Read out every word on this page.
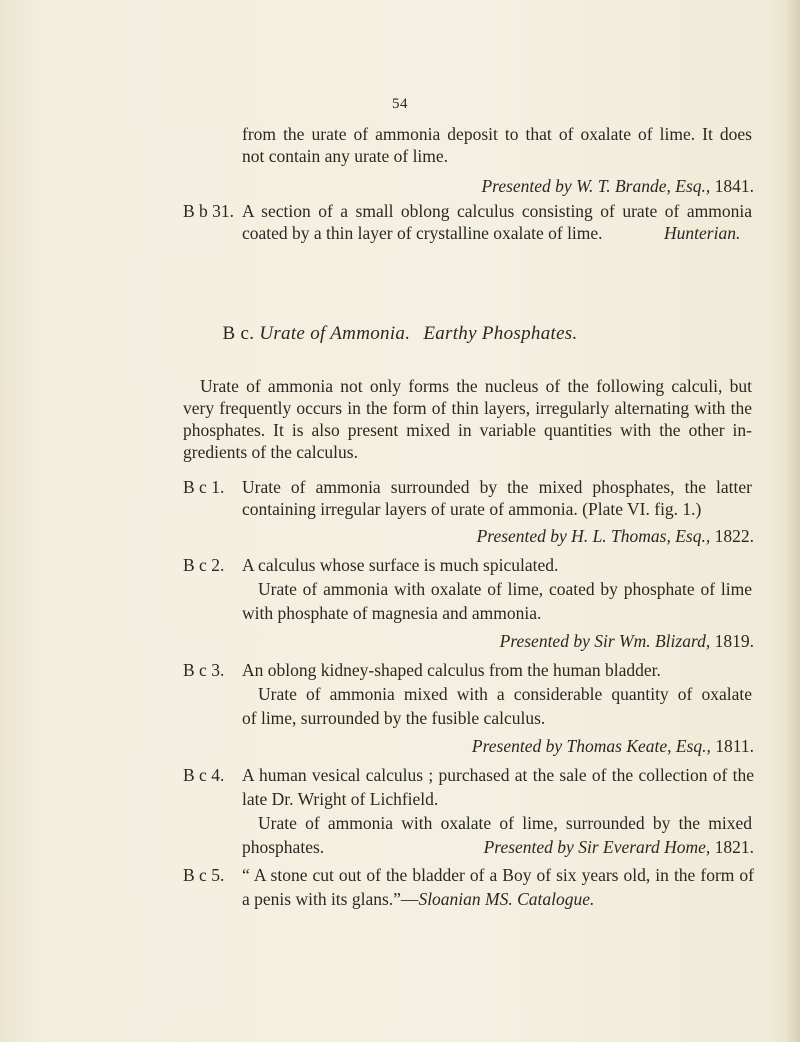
54
from the urate of ammonia deposit to that of oxalate of lime. It does
not contain any urate of lime.
Presented by W. T. Brande, Esq., 1841.
B b 31. A section of a small oblong calculus consisting of urate of ammonia
coated by a thin layer of crystalline oxalate of lime.	Hunterian.
B c. Urate of Ammonia. Earthy Phosphates.
Urate of ammonia not only forms the nucleus of the following calculi, but
very frequently occurs in the form of thin layers, irregularly alternating with the
phosphates. It is also present mixed in variable quantities with the other in-
gredients of the calculus.
B c 1. Urate of ammonia surrounded by the mixed phosphates, the latter
containing irregular layers of urate of ammonia. (Plate VI. fig. 1.)
Presented by H. L. Thomas, Esq., 1822.
B c 2. A calculus whose surface is much spiculated.
Urate of ammonia with oxalate of lime, coated by phosphate of lime
with phosphate of magnesia and ammonia.
Presented by Sir Wm. Blizard, 1819.
B c 3. An oblong kidney-shaped calculus from the human bladder.
Urate of ammonia mixed with a considerable quantity of oxalate
of lime, surrounded by the fusible calculus.
Presented by Thomas Keate, Esq., 1811.
B c 4. A human vesical calculus ; purchased at the sale of the collection of the
late Dr. Wright of Lichfield.
Urate of ammonia with oxalate of lime, surrounded by the mixed
phosphates.	Presented by Sir Everard Home, 1821.
B c 5. “ A stone cut out of the bladder of a Boy of six years old, in the form of
a penis with its glans.”—Sloanian MS. Catalogue.
